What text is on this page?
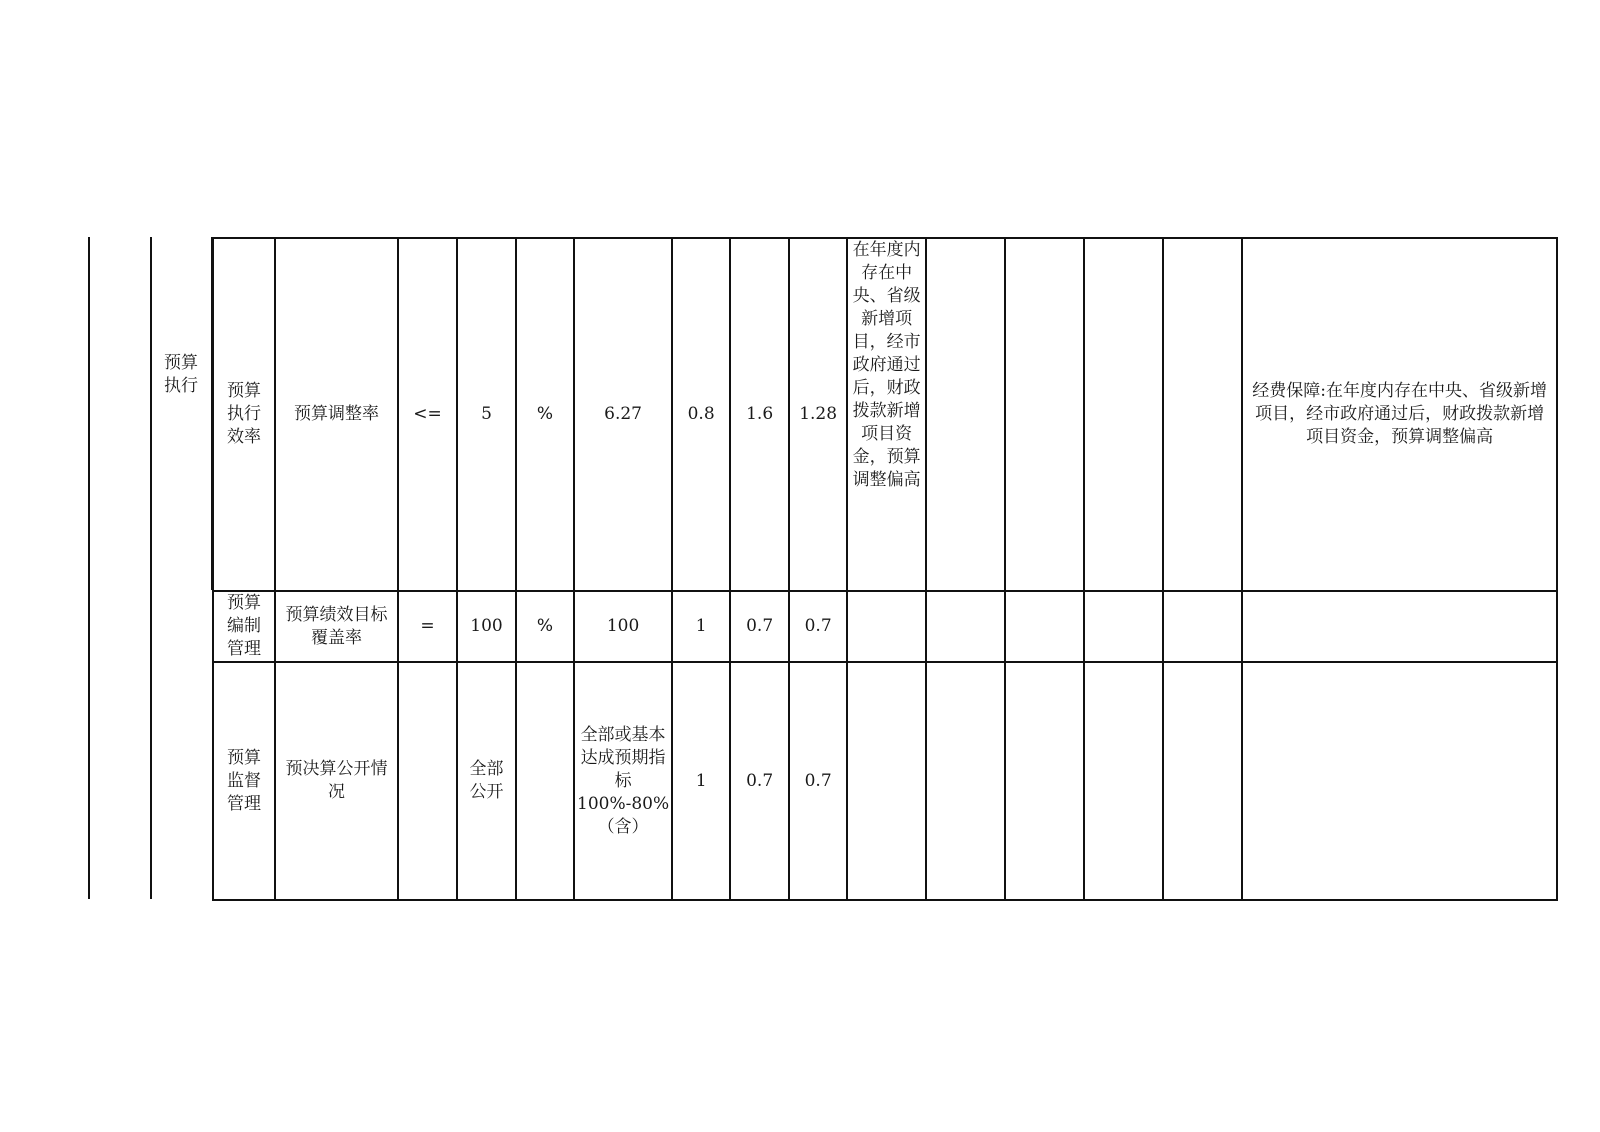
预算执行	预算执行效率	预算调整率	<=	5	%	6.27	0.8	1.6	1.28	在年度内存在中央、省级新增项目，经市政府通过后，财政拨款新增项目资金，预算调整偏高					经费保障:在年度内存在中央、省级新增项目，经市政府通过后，财政拨款新增项目资金，预算调整偏高
预算编制管理	预算绩效目标覆盖率	=	100	%	100	1	0.7	0.7						
预算监督管理	预决算公开情况		全部公开		全部或基本达成预期指标100%-80%（含）	1	0.7	0.7						
